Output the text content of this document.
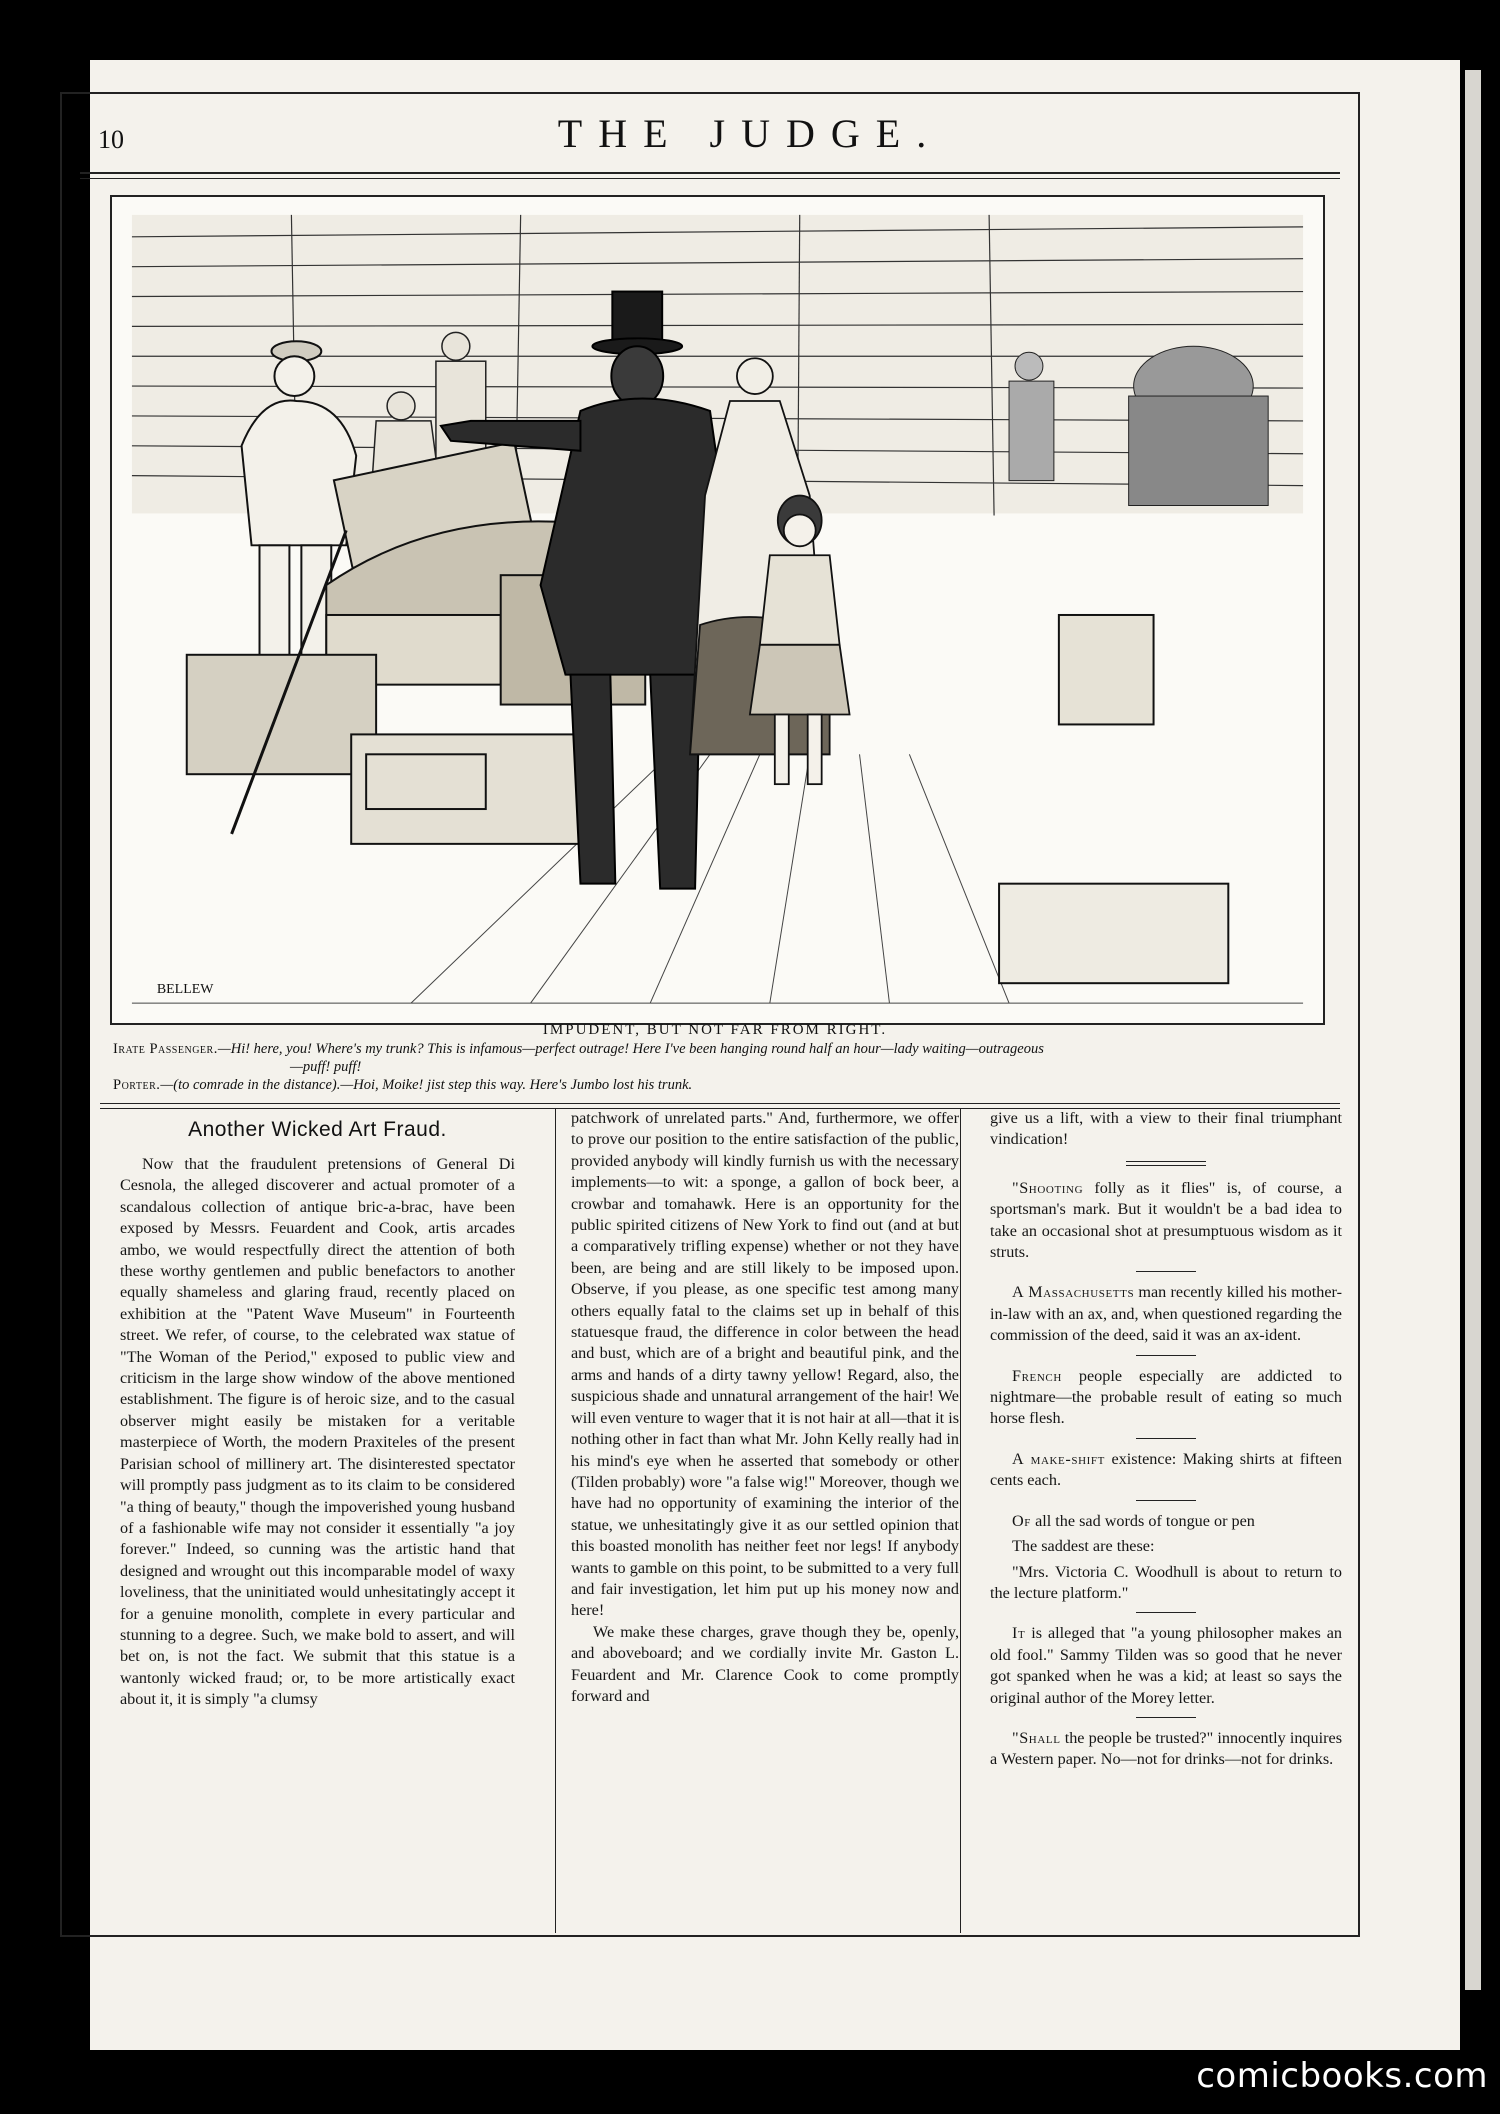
10	THE JUDGE.
BELLEW
IMPUDENT, BUT NOT FAR FROM RIGHT.
Irate Passenger.—Hi! here, you! Where's my trunk? This is infamous—perfect outrage! Here I've been hanging round half an hour—lady waiting—outrageous
—puff! puff!
Porter.—(to comrade in the distance).—Hoi, Moike! jist step this way. Here's Jumbo lost his trunk.
Another Wicked Art Fraud.

Now that the fraudulent pretensions of General Di Cesnola, the alleged discoverer and actual promoter of a scandalous collection of antique bric-a-brac, have been exposed by Messrs. Feuardent and Cook, artis arcades ambo, we would respectfully direct the attention of both these worthy gentlemen and public benefactors to another equally shameless and glaring fraud, recently placed on exhibition at the "Patent Wave Museum" in Fourteenth street. We refer, of course, to the celebrated wax statue of "The Woman of the Period," exposed to public view and criticism in the large show window of the above mentioned establishment. The figure is of heroic size, and to the casual observer might easily be mistaken for a veritable masterpiece of Worth, the modern Praxiteles of the present Parisian school of millinery art. The disinterested spectator will promptly pass judgment as to its claim to be considered "a thing of beauty," though the impoverished young husband of a fashionable wife may not consider it essentially "a joy forever." Indeed, so cunning was the artistic hand that designed and wrought out this incomparable model of waxy loveliness, that the uninitiated would unhesitatingly accept it for a genuine monolith, complete in every particular and stunning to a degree. Such, we make bold to assert, and will bet on, is not the fact. We submit that this statue is a wantonly wicked fraud; or, to be more artistically exact about it, it is simply "a clumsy

patchwork of unrelated parts." And, furthermore, we offer to prove our position to the entire satisfaction of the public, provided anybody will kindly furnish us with the necessary implements—to wit: a sponge, a gallon of bock beer, a crowbar and tomahawk. Here is an opportunity for the public spirited citizens of New York to find out (and at but a comparatively trifling expense) whether or not they have been, are being and are still likely to be imposed upon. Observe, if you please, as one specific test among many others equally fatal to the claims set up in behalf of this statuesque fraud, the difference in color between the head and bust, which are of a bright and beautiful pink, and the arms and hands of a dirty tawny yellow! Regard, also, the suspicious shade and unnatural arrangement of the hair! We will even venture to wager that it is not hair at all—that it is nothing other in fact than what Mr. John Kelly really had in his mind's eye when he asserted that somebody or other (Tilden probably) wore "a false wig!" Moreover, though we have had no opportunity of examining the interior of the statue, we unhesitatingly give it as our settled opinion that this boasted monolith has neither feet nor legs! If anybody wants to gamble on this point, to be submitted to a very full and fair investigation, let him put up his money now and here!

We make these charges, grave though they be, openly, and aboveboard; and we cordially invite Mr. Gaston L. Feuardent and Mr. Clarence Cook to come promptly forward and

give us a lift, with a view to their final triumphant vindication!

"Shooting folly as it flies" is, of course, a sportsman's mark. But it wouldn't be a bad idea to take an occasional shot at presumptuous wisdom as it struts.

A Massachusetts man recently killed his mother-in-law with an ax, and, when questioned regarding the commission of the deed, said it was an ax-ident.

French people especially are addicted to nightmare—the probable result of eating so much horse flesh.

A make-shift existence: Making shirts at fifteen cents each.

Of all the sad words of tongue or pen

The saddest are these:

"Mrs. Victoria C. Woodhull is about to return to the lecture platform."

It is alleged that "a young philosopher makes an old fool." Sammy Tilden was so good that he never got spanked when he was a kid; at least so says the original author of the Morey letter.

"Shall the people be trusted?" innocently inquires a Western paper. No—not for drinks—not for drinks.

comicbooks.com
